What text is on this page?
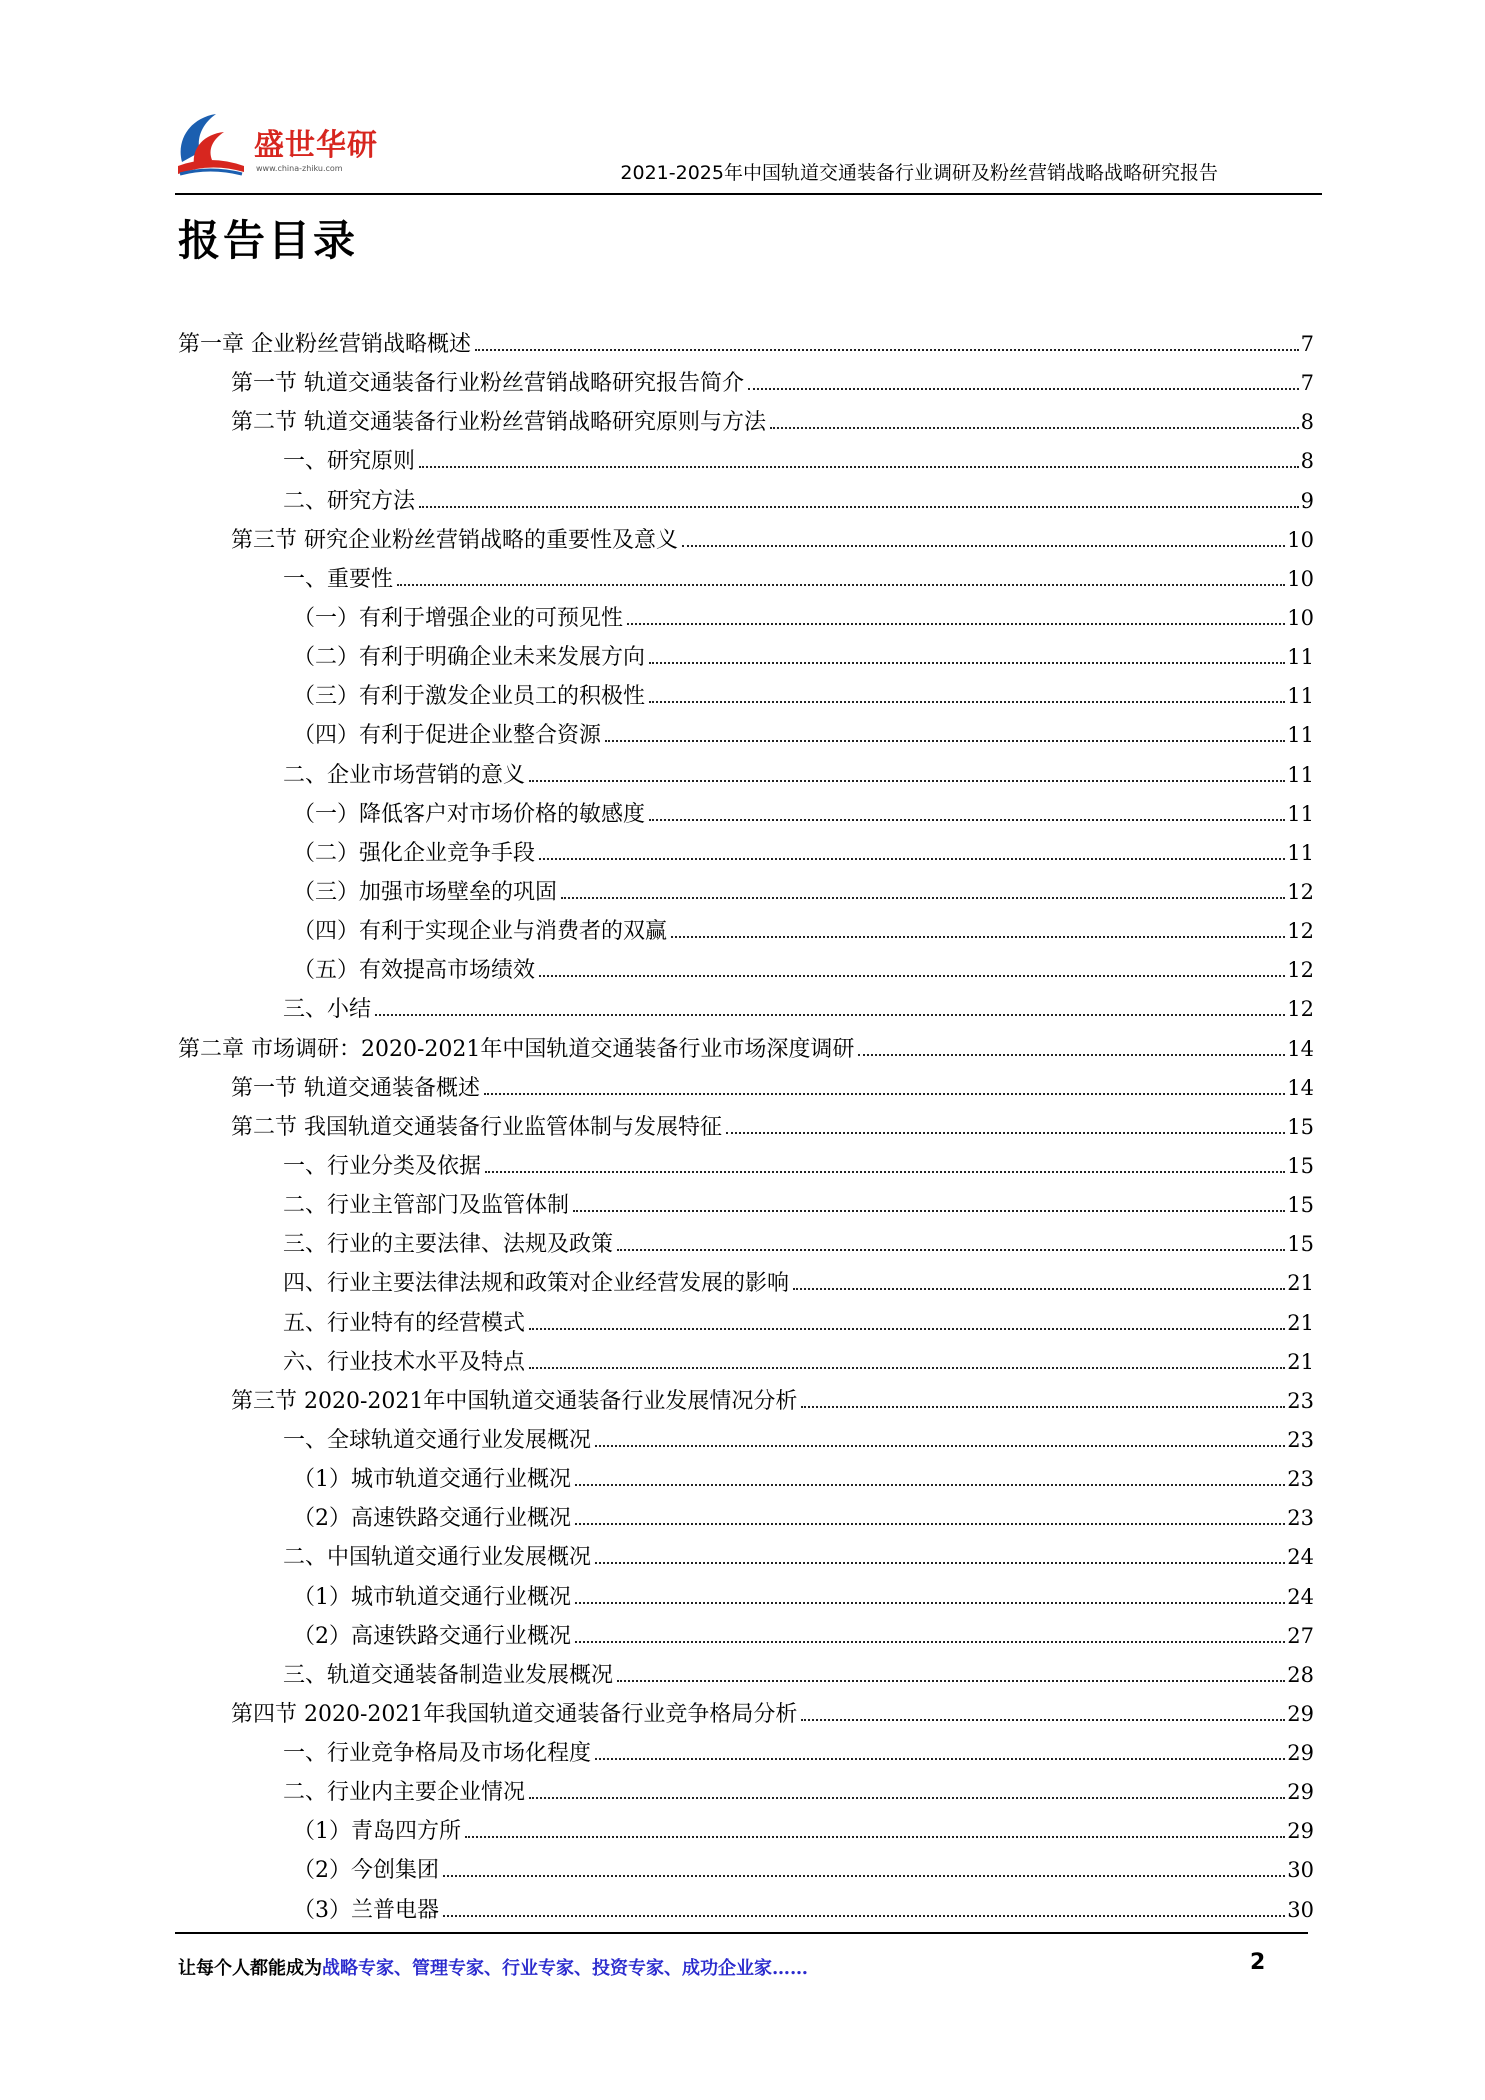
盛世华研
www.china-zhiku.com	2021-2025年中国轨道交通装备行业调研及粉丝营销战略战略研究报告
报告目录
第一章 企业粉丝营销战略概述	7
第一节 轨道交通装备行业粉丝营销战略研究报告简介	7
第二节 轨道交通装备行业粉丝营销战略研究原则与方法	8
一、研究原则	8
二、研究方法	9
第三节 研究企业粉丝营销战略的重要性及意义	10
一、重要性	10
（一）有利于增强企业的可预见性	10
（二）有利于明确企业未来发展方向	11
（三）有利于激发企业员工的积极性	11
（四）有利于促进企业整合资源	11
二、企业市场营销的意义	11
（一）降低客户对市场价格的敏感度	11
（二）强化企业竞争手段	11
（三）加强市场壁垒的巩固	12
（四）有利于实现企业与消费者的双赢	12
（五）有效提高市场绩效	12
三、小结	12
第二章 市场调研：2020-2021年中国轨道交通装备行业市场深度调研	14
第一节 轨道交通装备概述	14
第二节 我国轨道交通装备行业监管体制与发展特征	15
一、行业分类及依据	15
二、行业主管部门及监管体制	15
三、行业的主要法律、法规及政策	15
四、行业主要法律法规和政策对企业经营发展的影响	21
五、行业特有的经营模式	21
六、行业技术水平及特点	21
第三节 2020-2021年中国轨道交通装备行业发展情况分析	23
一、全球轨道交通行业发展概况	23
（1）城市轨道交通行业概况	23
（2）高速铁路交通行业概况	23
二、中国轨道交通行业发展概况	24
（1）城市轨道交通行业概况	24
（2）高速铁路交通行业概况	27
三、轨道交通装备制造业发展概况	28
第四节 2020-2021年我国轨道交通装备行业竞争格局分析	29
一、行业竞争格局及市场化程度	29
二、行业内主要企业情况	29
（1）青岛四方所	29
（2）今创集团	30
（3）兰普电器	30
让每个人都能成为战略专家、管理专家、行业专家、投资专家、成功企业家……	2
